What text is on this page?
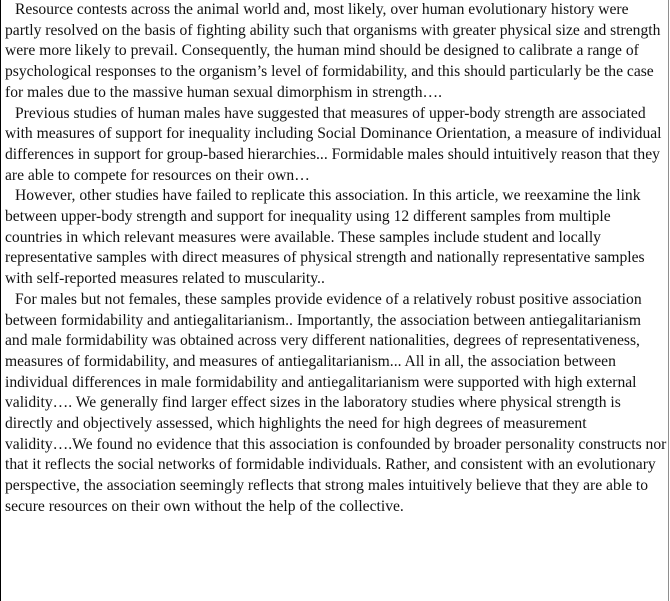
Resource contests across the animal world and, most likely, over human evolutionary history were partly resolved on the basis of fighting ability such that organisms with greater physical size and strength were more likely to prevail. Consequently, the human mind should be designed to calibrate a range of psychological responses to the organism’s level of formidability, and this should particularly be the case for males due to the massive human sexual dimorphism in strength….

Previous studies of human males have suggested that measures of upper-body strength are associated with measures of support for inequality including Social Dominance Orientation, a measure of individual differences in support for group-based hierarchies... Formidable males should intuitively reason that they are able to compete for resources on their own…

However, other studies have failed to replicate this association. In this article, we reexamine the link between upper-body strength and support for inequality using 12 different samples from multiple countries in which relevant measures were available. These samples include student and locally representative samples with direct measures of physical strength and nationally representative samples with self-reported measures related to muscularity..

For males but not females, these samples provide evidence of a relatively robust positive association between formidability and antiegalitarianism.. Importantly, the association between antiegalitarianism and male formidability was obtained across very different nationalities, degrees of representativeness, measures of formidability, and measures of antiegalitarianism... All in all, the association between individual differences in male formidability and antiegalitarianism were supported with high external validity…. We generally find larger effect sizes in the laboratory studies where physical strength is directly and objectively assessed, which highlights the need for high degrees of measurement validity….We found no evidence that this association is confounded by broader personality constructs nor that it reflects the social networks of formidable individuals. Rather, and consistent with an evolutionary perspective, the association seemingly reflects that strong males intuitively believe that they are able to secure resources on their own without the help of the collective.
